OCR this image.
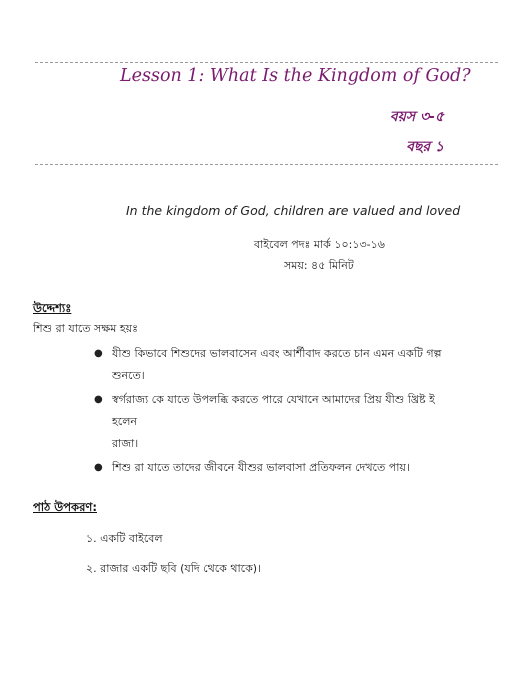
Lesson 1: What Is the Kingdom of God?
বয়স ৩-৫
বছর ১
In the kingdom of God, children are valued and loved
বাইবেল পদঃ মার্ক ১০:১৩-১৬
সময়: ৪৫ মিনিট
উদ্দেশ্যঃ
শিশু রা যাতে সক্ষম হয়ঃ
● যীশু কিভাবে শিশুদের ভালবাসেন এবং আর্শীবাদ করতে চান এমন একটি গল্প
শুনতে।
● স্বর্গরাজ্য কে যাতে উপলব্ধি করতে পারে যেখানে আমাদের প্রিয় যীশু খ্রিষ্ট ই হলেন
রাজা।
● শিশু রা যাতে তাদের জীবনে যীশুর ভালবাসা প্রতিফলন দেখতে পায়।
পাঠ উপকরণ:
১. একটি বাইবেল
২. রাজার একটি ছবি (যদি থেকে থাকে)।
